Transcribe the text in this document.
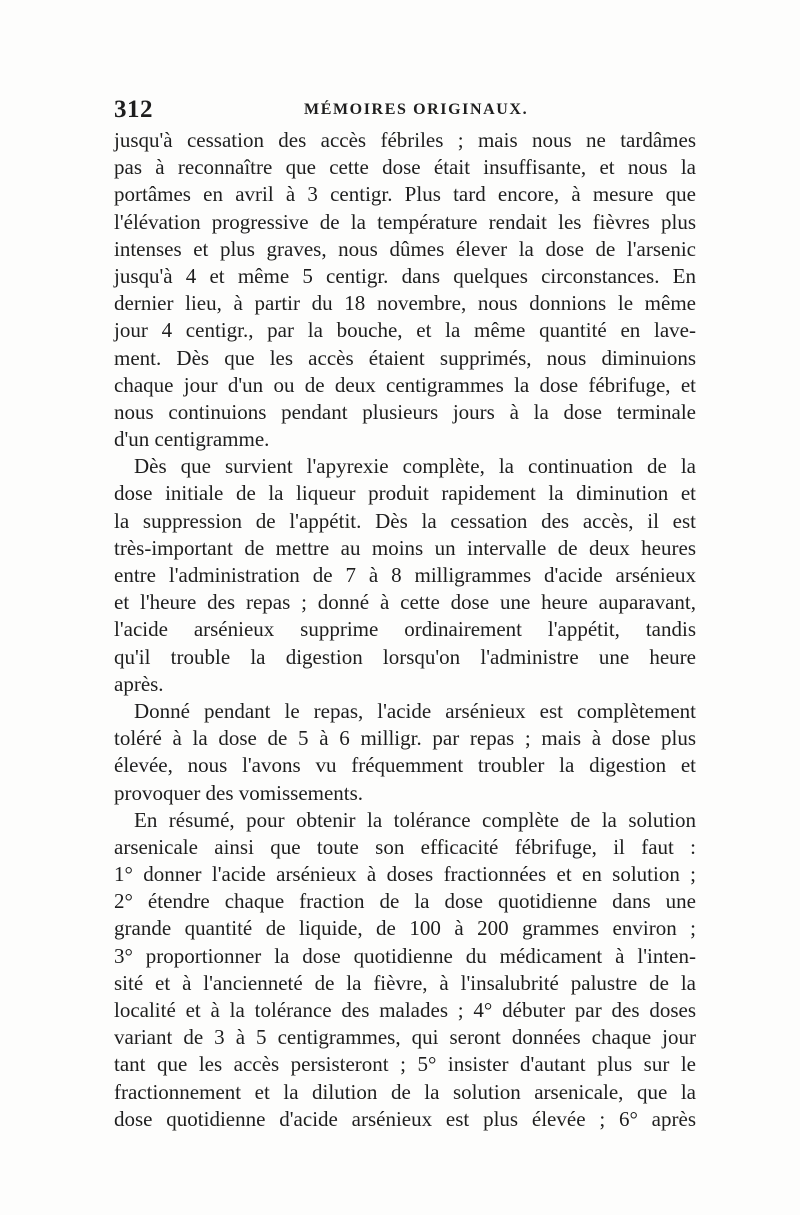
312	MÉMOIRES ORIGINAUX.
jusqu'à cessation des accès fébriles ; mais nous ne tardâmes
pas à reconnaître que cette dose était insuffisante, et nous la
portâmes en avril à 3 centigr. Plus tard encore, à mesure que
l'élévation progressive de la température rendait les fièvres plus
intenses et plus graves, nous dûmes élever la dose de l'arsenic
jusqu'à 4 et même 5 centigr. dans quelques circonstances. En
dernier lieu, à partir du 18 novembre, nous donnions le même
jour 4 centigr., par la bouche, et la même quantité en lave-
ment. Dès que les accès étaient supprimés, nous diminuions
chaque jour d'un ou de deux centigrammes la dose fébrifuge, et
nous continuions pendant plusieurs jours à la dose terminale
d'un centigramme.
Dès que survient l'apyrexie complète, la continuation de la
dose initiale de la liqueur produit rapidement la diminution et
la suppression de l'appétit. Dès la cessation des accès, il est
très-important de mettre au moins un intervalle de deux heures
entre l'administration de 7 à 8 milligrammes d'acide arsénieux
et l'heure des repas ; donné à cette dose une heure auparavant,
l'acide arsénieux supprime ordinairement l'appétit, tandis
qu'il trouble la digestion lorsqu'on l'administre une heure
après.
Donné pendant le repas, l'acide arsénieux est complètement
toléré à la dose de 5 à 6 milligr. par repas ; mais à dose plus
élevée, nous l'avons vu fréquemment troubler la digestion et
provoquer des vomissements.
En résumé, pour obtenir la tolérance complète de la solution
arsenicale ainsi que toute son efficacité fébrifuge, il faut :
1° donner l'acide arsénieux à doses fractionnées et en solution ;
2° étendre chaque fraction de la dose quotidienne dans une
grande quantité de liquide, de 100 à 200 grammes environ ;
3° proportionner la dose quotidienne du médicament à l'inten-
sité et à l'ancienneté de la fièvre, à l'insalubrité palustre de la
localité et à la tolérance des malades ; 4° débuter par des doses
variant de 3 à 5 centigrammes, qui seront données chaque jour
tant que les accès persisteront ; 5° insister d'autant plus sur le
fractionnement et la dilution de la solution arsenicale, que la
dose quotidienne d'acide arsénieux est plus élevée ; 6° après
